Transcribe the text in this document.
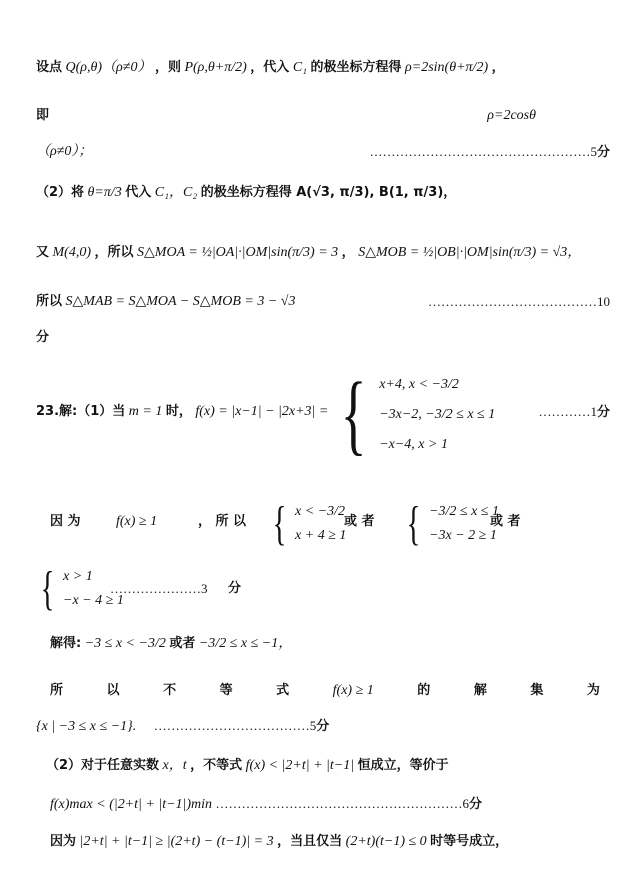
设点 Q(ρ,θ)（ρ≠0） ，则 P(ρ,θ+π/2) ，代入 C₁ 的极坐标方程得 ρ=2sin(θ+π/2) ，
即	ρ=2cosθ
（ρ≠0）；	……………………………………………5分
（2）将 θ=π/3 代入 C₁，C₂ 的极坐标方程得 A(√3, π/3), B(1, π/3)，
又 M(4,0) ，所以 S△MOA = ½|OA|·|OM|sin(π/3) = 3 ， S△MOB = ½|OB|·|OM|sin(π/3) = √3，
所以 S△MAB = S△MOA − S△MOB = 3 − √3	…………………………………10
分
23.解:（1）当 m = 1 时， f(x) = |x−1| − |2x+3| = { x+4, x < −3/2
−3x−2, −3/2 ≤ x ≤ 1
−x−4, x > 1
…………1分
因 为	f(x) ≥ 1	， 所 以 { x < −3/2
x + 4 ≥ 1
或 者 { −3/2 ≤ x ≤ 1
−3x − 2 ≥ 1
或 者
{ x > 1
−x − 4 ≥ 1
…………………3 分
解得: −3 ≤ x < −3/2 或者 −3/2 ≤ x ≤ −1，
所	以	不	等	式	f(x) ≥ 1	的	解	集	为
{x | −3 ≤ x ≤ −1}. ………………………………5分
（2）对于任意实数 x，t ，不等式 f(x) < |2+t| + |t−1| 恒成立，等价于
f(x)max < (|2+t| + |t−1|)min …………………………………………………6分
因为 |2+t| + |t−1| ≥ |(2+t) − (t−1)| = 3 ，当且仅当 (2+t)(t−1) ≤ 0 时等号成立，
